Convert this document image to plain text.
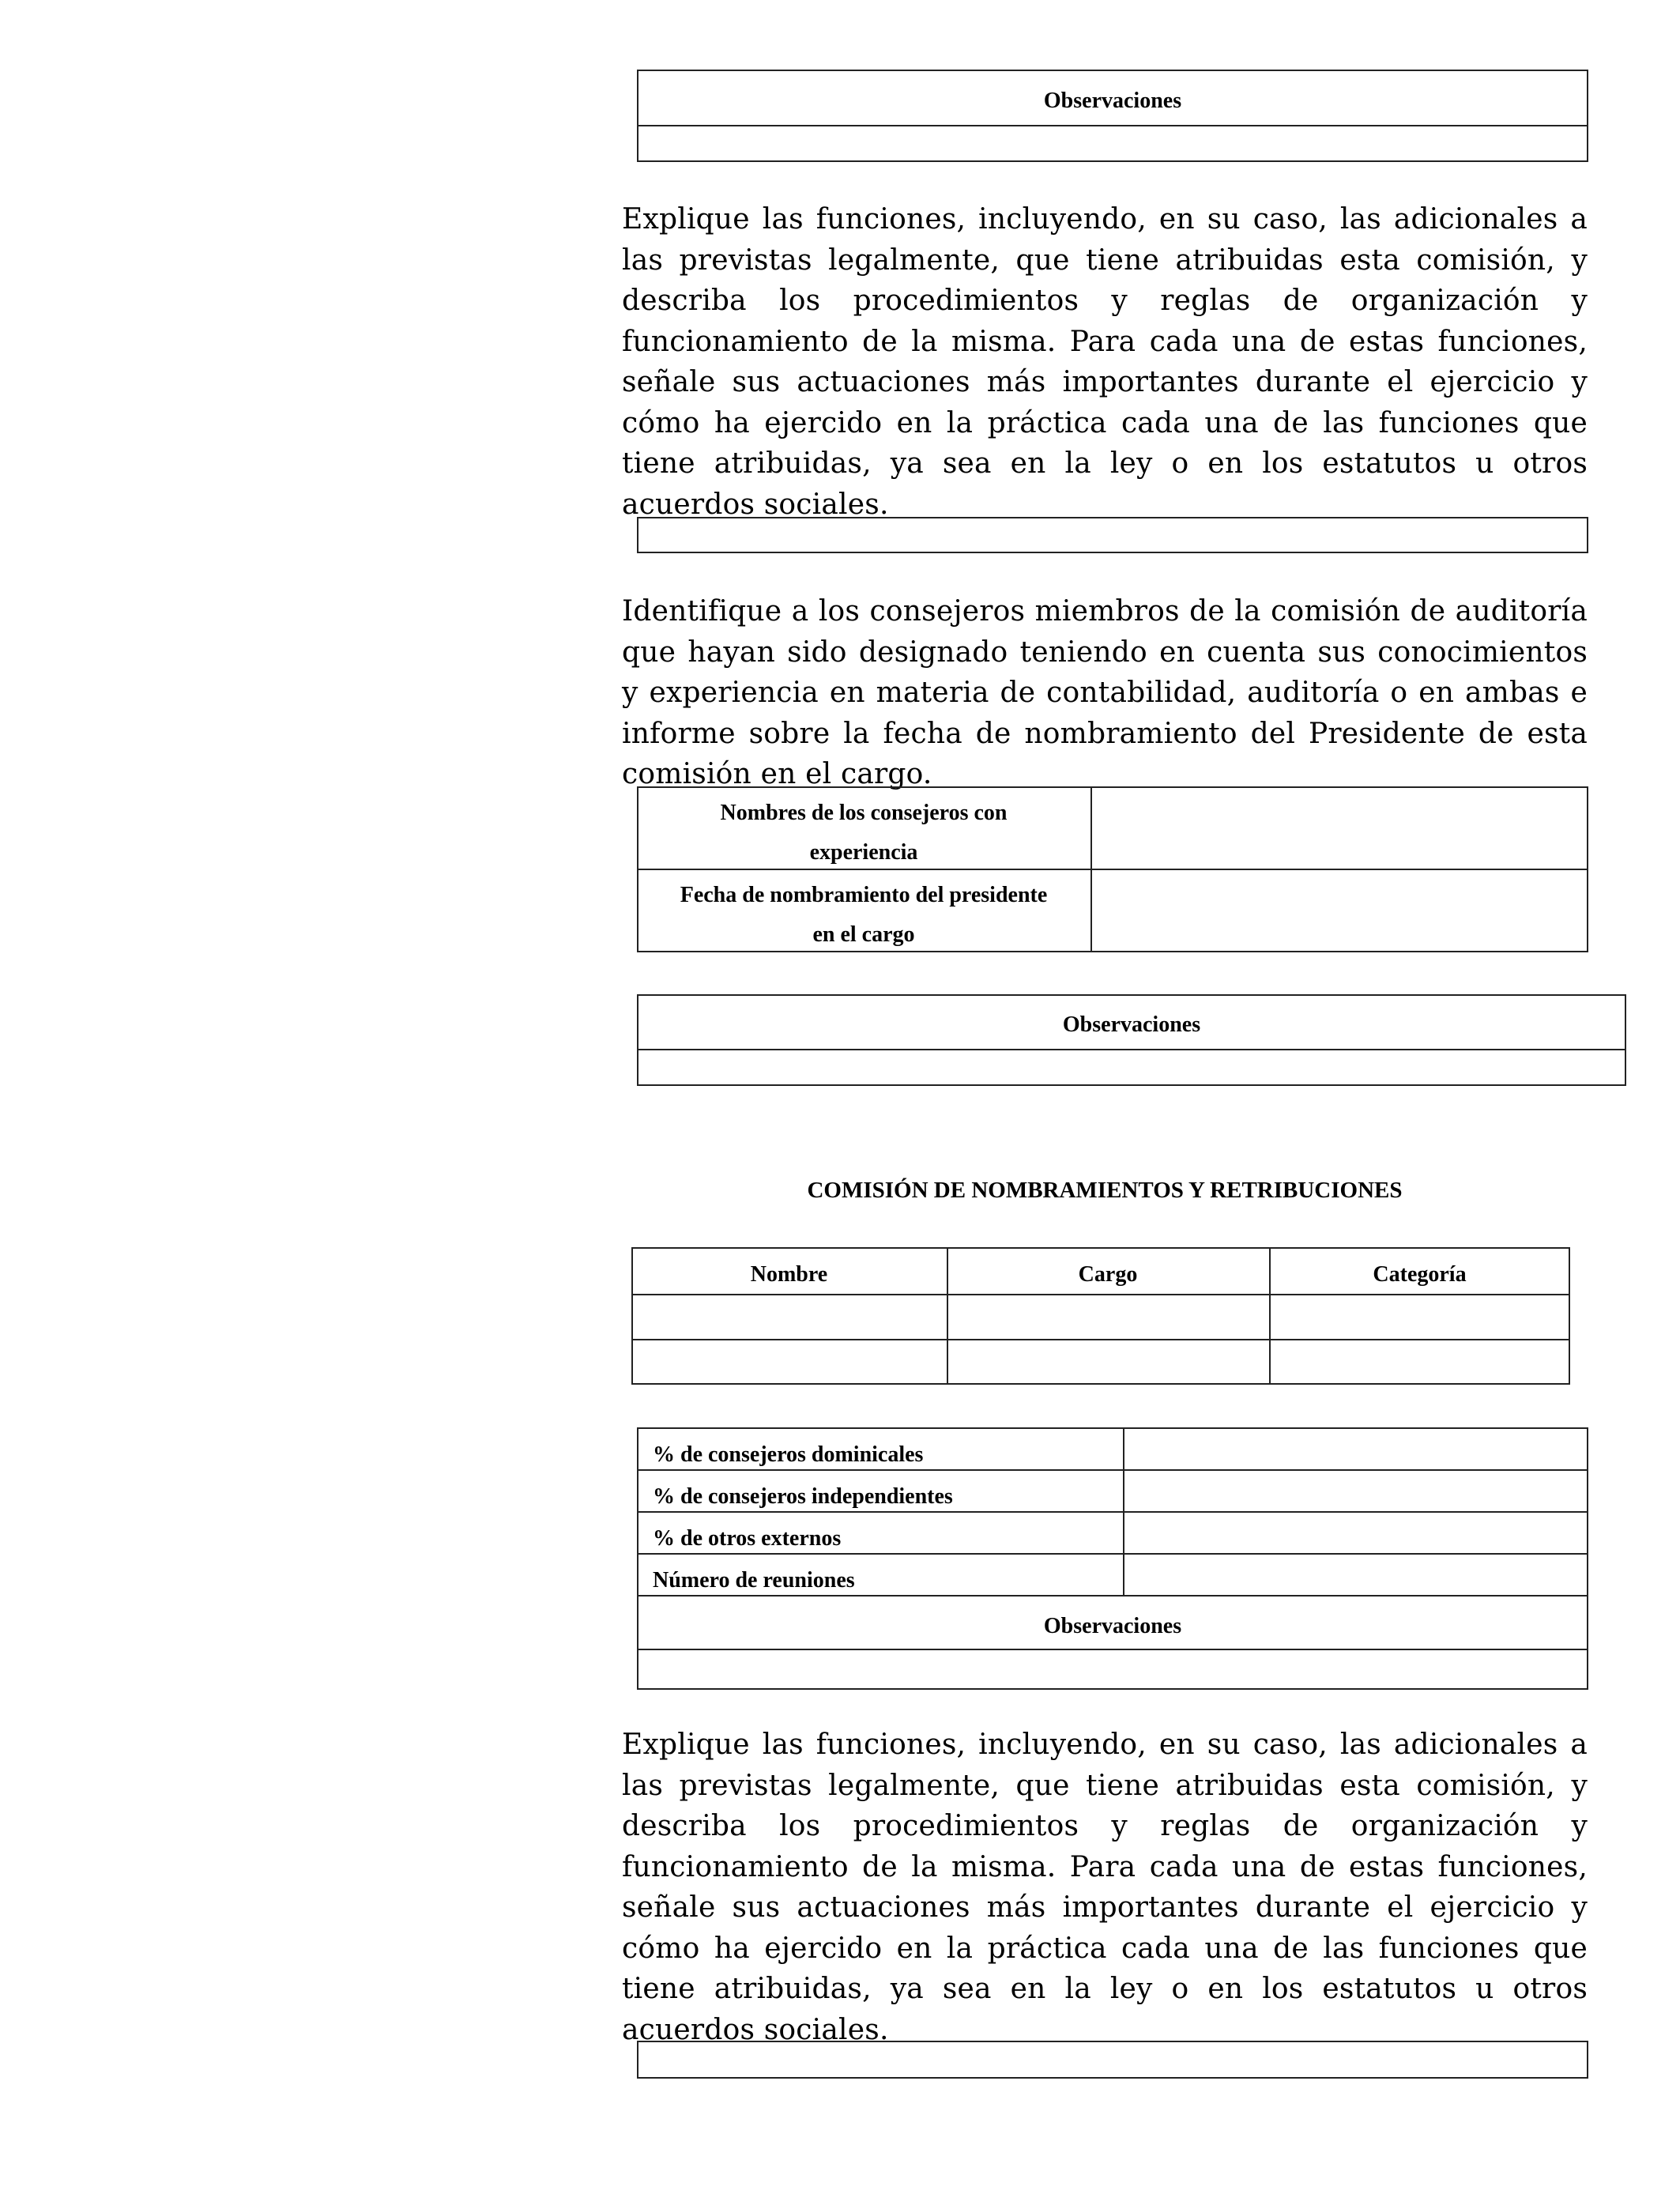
Observaciones
Explique las funciones, incluyendo, en su caso, las adicionales a las previstas legalmente, que tiene atribuidas esta comisión, y describa los procedimientos y reglas de organización y funcionamiento de la misma. Para cada una de estas funciones, señale sus actuaciones más importantes durante el ejercicio y cómo ha ejercido en la práctica cada una de las funciones que tiene atribuidas, ya sea en la ley o en los estatutos u otros acuerdos sociales.
Identifique a los consejeros miembros de la comisión de auditoría que hayan sido designado teniendo en cuenta sus conocimientos y experiencia en materia de contabilidad, auditoría o en ambas e informe sobre la fecha de nombramiento del Presidente de esta comisión en el cargo.
Nombres de los consejeros con
experiencia
Fecha de nombramiento del presidente
en el cargo
Observaciones
COMISIÓN DE NOMBRAMIENTOS Y RETRIBUCIONES
Nombre	Cargo	Categoría
% de consejeros dominicales
% de consejeros independientes
% de otros externos
Número de reuniones
Observaciones
Explique las funciones, incluyendo, en su caso, las adicionales a las previstas legalmente, que tiene atribuidas esta comisión, y describa los procedimientos y reglas de organización y funcionamiento de la misma. Para cada una de estas funciones, señale sus actuaciones más importantes durante el ejercicio y cómo ha ejercido en la práctica cada una de las funciones que tiene atribuidas, ya sea en la ley o en los estatutos u otros acuerdos sociales.
